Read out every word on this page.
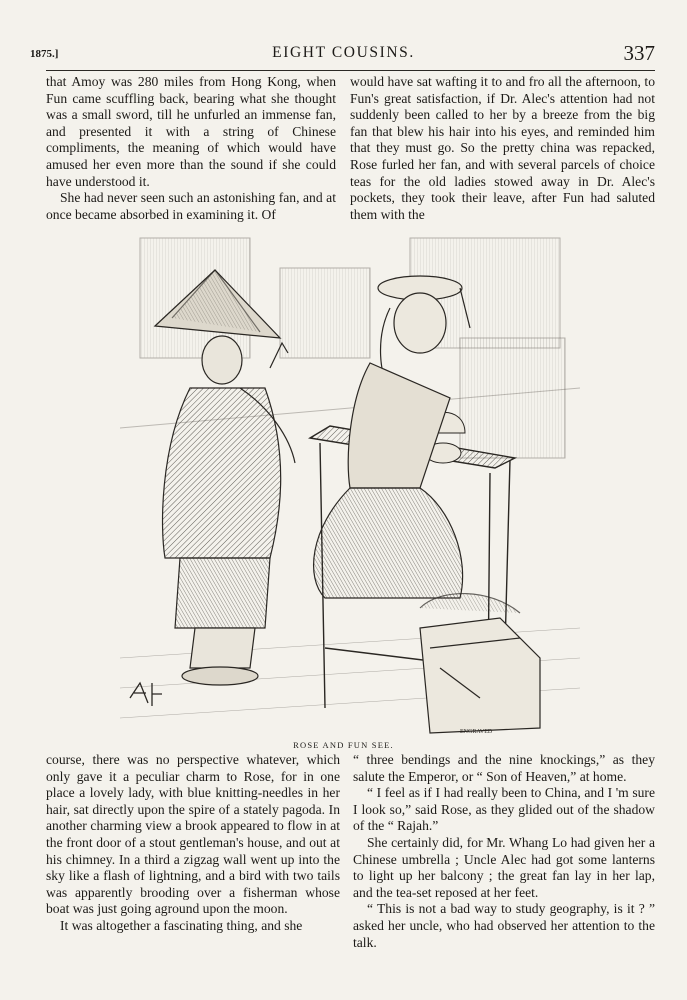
1875.]	EIGHT COUSINS.	337

that Amoy was 280 miles from Hong Kong, when Fun came scuffling back, bearing what she thought was a small sword, till he unfurled an immense fan, and presented it with a string of Chinese compliments, the meaning of which would have amused her even more than the sound if she could have understood it.

She had never seen such an astonishing fan, and at once became absorbed in examining it. Of

would have sat wafting it to and fro all the afternoon, to Fun's great satisfaction, if Dr. Alec's attention had not suddenly been called to her by a breeze from the big fan that blew his hair into his eyes, and reminded him that they must go. So the pretty china was repacked, Rose furled her fan, and with several parcels of choice teas for the old ladies stowed away in Dr. Alec's pockets, they took their leave, after Fun had saluted them with the

ENGRAVED
ROSE AND FUN SEE.

course, there was no perspective whatever, which only gave it a peculiar charm to Rose, for in one place a lovely lady, with blue knitting-needles in her hair, sat directly upon the spire of a stately pagoda. In another charming view a brook appeared to flow in at the front door of a stout gentleman's house, and out at his chimney. In a third a zigzag wall went up into the sky like a flash of lightning, and a bird with two tails was apparently brooding over a fisherman whose boat was just going aground upon the moon.

It was altogether a fascinating thing, and she

“ three bendings and the nine knockings,” as they salute the Emperor, or “ Son of Heaven,” at home.

“ I feel as if I had really been to China, and I 'm sure I look so,” said Rose, as they glided out of the shadow of the “ Rajah.”

She certainly did, for Mr. Whang Lo had given her a Chinese umbrella ; Uncle Alec had got some lanterns to light up her balcony ; the great fan lay in her lap, and the tea-set reposed at her feet.

“ This is not a bad way to study geography, is it ? ” asked her uncle, who had observed her attention to the talk.
